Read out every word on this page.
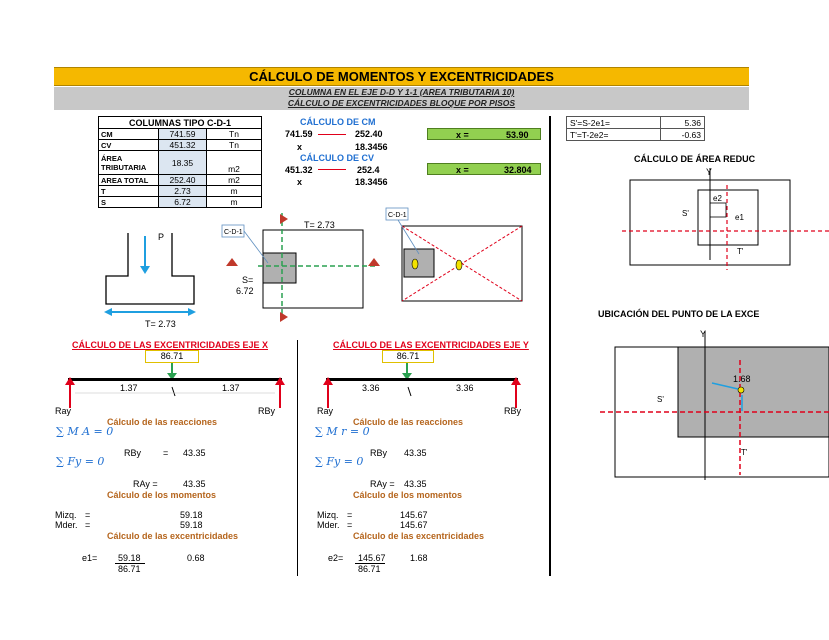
CÁLCULO DE MOMENTOS Y EXCENTRICIDADES
COLUMNA EN EL EJE D-D Y 1-1 (AREA TRIBUTARIA 10)
CÁLCULO DE EXCENTRICIDADES BLOQUE POR PISOS
COLUMNAS TIPO C-D-1		
CM	741.59	Tn
CV	451.32	Tn
ÁREA TRIBUTARIA	18.35	m2
AREA TOTAL	252.40	m2
T	2.73	m
S	6.72	m
CÁLCULO DE CM
741.59	252.40
x	18.3456
x =	53.90
CÁLCULO DE CV
451.32	252.4
x	18.3456
x =	32.804
S'=S-2e1=	5.36
T'=T-2e2=	-0.63
CÁLCULO DE ÁREA REDUC
Y
S'
T'
e2
e1
UBICACIÓN DEL PUNTO DE LA EXCE
Y
S'
T'
1.68
P
T= 2.73
C-D-1
T= 2.73
S=
6.72
C-D-1
CÁLCULO DE LAS EXCENTRICIDADES EJE X
86.71
1.37	1.37
Ray	RBy
Cálculo de las reacciones
∑ M A = 0
∑ Fy = 0
RBy = 43.35
RAy =	43.35
Cálculo de los momentos
Mizq. =	59.18
Mder. =	59.18
Cálculo de las excentricidades
e1= 59.18
86.71
0.68
CÁLCULO DE LAS EXCENTRICIDADES EJE Y
86.71
3.36	3.36
Ray	RBy
Cálculo de las reacciones
∑ M r = 0
∑ Fy = 0
RBy 43.35
RAy = 43.35
Cálculo de los momentos
Mizq. =	145.67
Mder. =	145.67
Cálculo de las excentricidades
e2= 145.67
86.71
1.68
